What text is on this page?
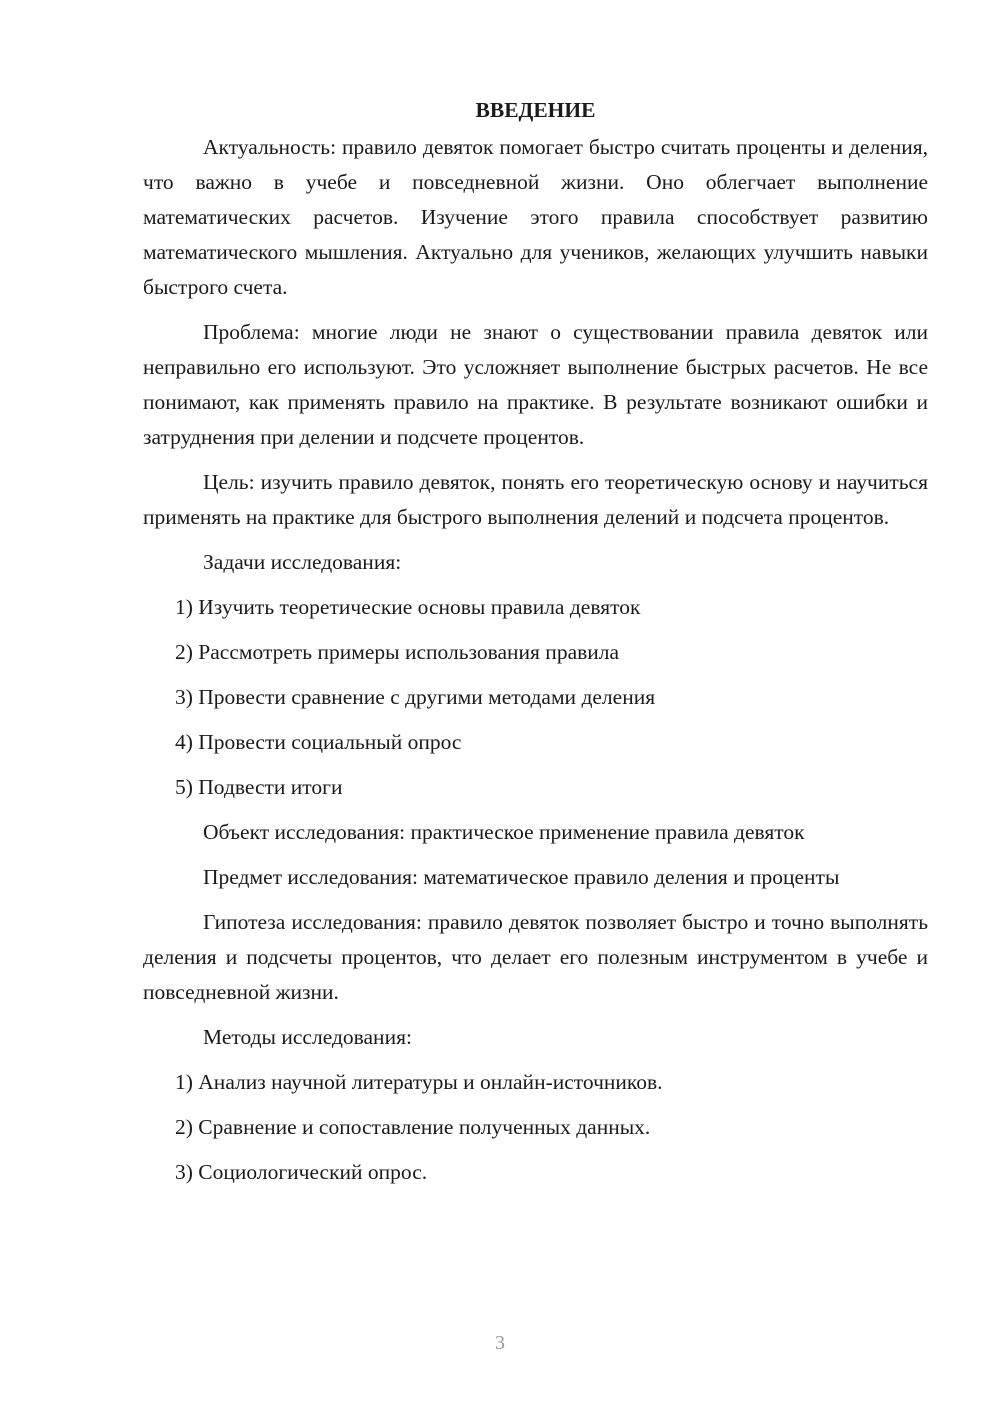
ВВЕДЕНИЕ

Актуальность: правило девяток помогает быстро считать проценты и деления, что важно в учебе и повседневной жизни. Оно облегчает выполнение математических расчетов. Изучение этого правила способствует развитию математического мышления. Актуально для учеников, желающих улучшить навыки быстрого счета.

Проблема: многие люди не знают о существовании правила девяток или неправильно его используют. Это усложняет выполнение быстрых расчетов. Не все понимают, как применять правило на практике. В результате возникают ошибки и затруднения при делении и подсчете процентов.

Цель: изучить правило девяток, понять его теоретическую основу и научиться применять на практике для быстрого выполнения делений и подсчета процентов.

Задачи исследования:

1) Изучить теоретические основы правила девяток
2) Рассмотреть примеры использования правила
3) Провести сравнение с другими методами деления
4) Провести социальный опрос
5) Подвести итоги

Объект исследования: практическое применение правила девяток

Предмет исследования: математическое правило деления и проценты

Гипотеза исследования: правило девяток позволяет быстро и точно выполнять деления и подсчеты процентов, что делает его полезным инструментом в учебе и повседневной жизни.

Методы исследования:

1) Анализ научной литературы и онлайн-источников.
2) Сравнение и сопоставление полученных данных.
3) Социологический опрос.
3
